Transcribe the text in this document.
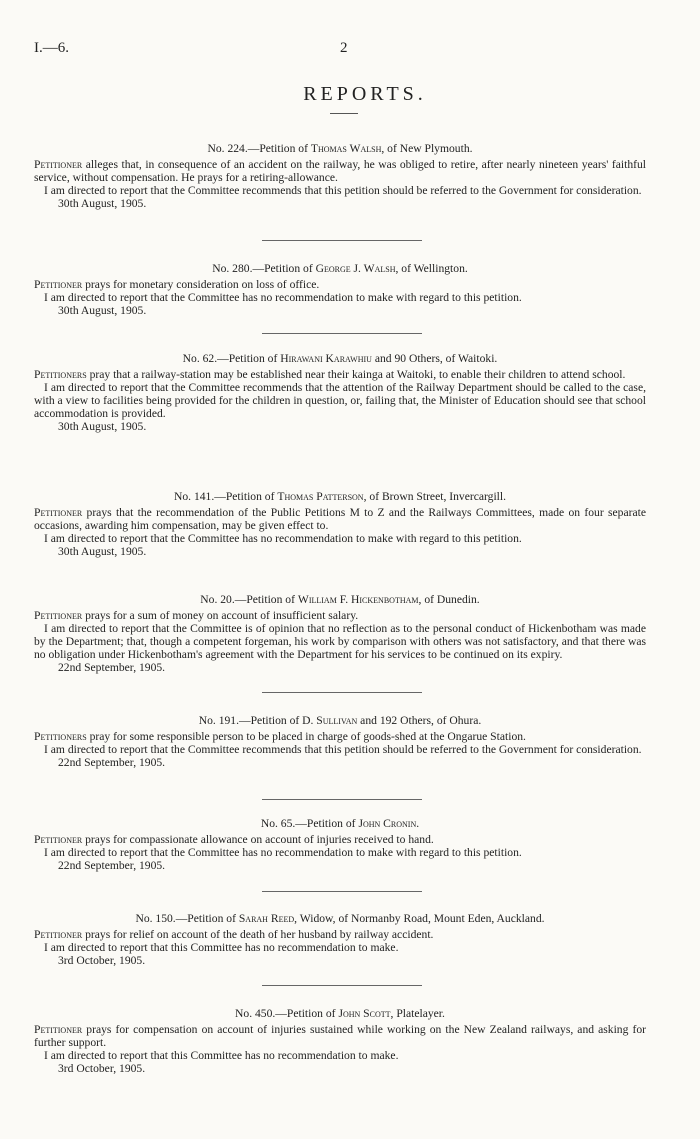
I.—6.	2
REPORTS.
No. 224.—Petition of Thomas Walsh, of New Plymouth.

Petitioner alleges that, in consequence of an accident on the railway, he was obliged to retire, after nearly nineteen years' faithful service, without compensation. He prays for a retiring-allowance.

I am directed to report that the Committee recommends that this petition should be referred to the Government for consideration.

30th August, 1905.

No. 280.—Petition of George J. Walsh, of Wellington.

Petitioner prays for monetary consideration on loss of office.

I am directed to report that the Committee has no recommendation to make with regard to this petition.

30th August, 1905.

No. 62.—Petition of Hirawani Karawhiu and 90 Others, of Waitoki.

Petitioners pray that a railway-station may be established near their kainga at Waitoki, to enable their children to attend school.

I am directed to report that the Committee recommends that the attention of the Railway Department should be called to the case, with a view to facilities being provided for the children in question, or, failing that, the Minister of Education should see that school accommodation is provided.

30th August, 1905.

No. 141.—Petition of Thomas Patterson, of Brown Street, Invercargill.

Petitioner prays that the recommendation of the Public Petitions M to Z and the Railways Committees, made on four separate occasions, awarding him compensation, may be given effect to.

I am directed to report that the Committee has no recommendation to make with regard to this petition.

30th August, 1905.

No. 20.—Petition of William F. Hickenbotham, of Dunedin.

Petitioner prays for a sum of money on account of insufficient salary.

I am directed to report that the Committee is of opinion that no reflection as to the personal conduct of Hickenbotham was made by the Department; that, though a competent forgeman, his work by comparison with others was not satisfactory, and that there was no obligation under Hickenbotham's agreement with the Department for his services to be continued on its expiry.

22nd September, 1905.

No. 191.—Petition of D. Sullivan and 192 Others, of Ohura.

Petitioners pray for some responsible person to be placed in charge of goods-shed at the Ongarue Station.

I am directed to report that the Committee recommends that this petition should be referred to the Government for consideration.

22nd September, 1905.

No. 65.—Petition of John Cronin.

Petitioner prays for compassionate allowance on account of injuries received to hand.

I am directed to report that the Committee has no recommendation to make with regard to this petition.

22nd September, 1905.

No. 150.—Petition of Sarah Reed, Widow, of Normanby Road, Mount Eden, Auckland.

Petitioner prays for relief on account of the death of her husband by railway accident.

I am directed to report that this Committee has no recommendation to make.

3rd October, 1905.

No. 450.—Petition of John Scott, Platelayer.

Petitioner prays for compensation on account of injuries sustained while working on the New Zealand railways, and asking for further support.

I am directed to report that this Committee has no recommendation to make.

3rd October, 1905.
